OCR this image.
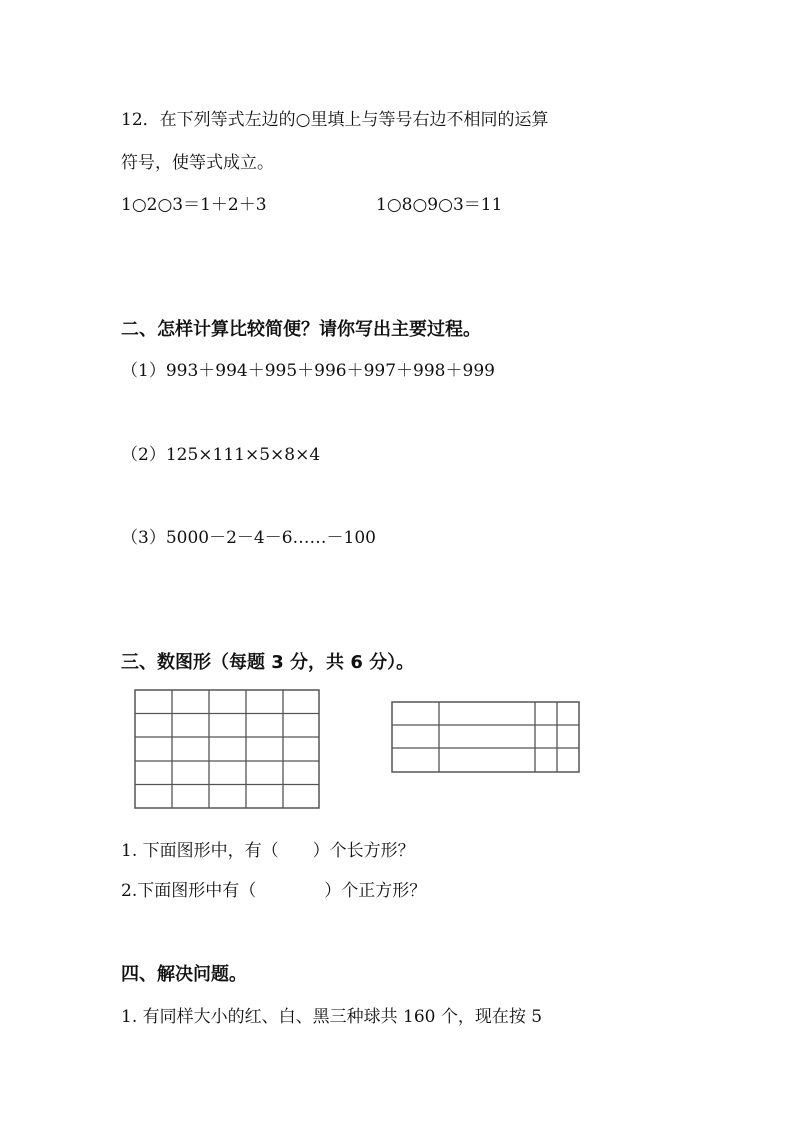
12．在下列等式左边的○里填上与等号右边不相同的运算
符号，使等式成立。
1○2○3＝1＋2＋3	1○8○9○3＝11
二、怎样计算比较简便？请你写出主要过程。
（1）993＋994＋995＋996＋997＋998＋999
（2）125×111×5×8×4
（3）5000－2－4－6……－100
三、数图形（每题 3 分，共 6 分）。
1. 下面图形中，有（　　）个长方形？
2.下面图形中有（　　　　）个正方形？
四、解决问题。
1. 有同样大小的红、白、黑三种球共 160 个，现在按 5
